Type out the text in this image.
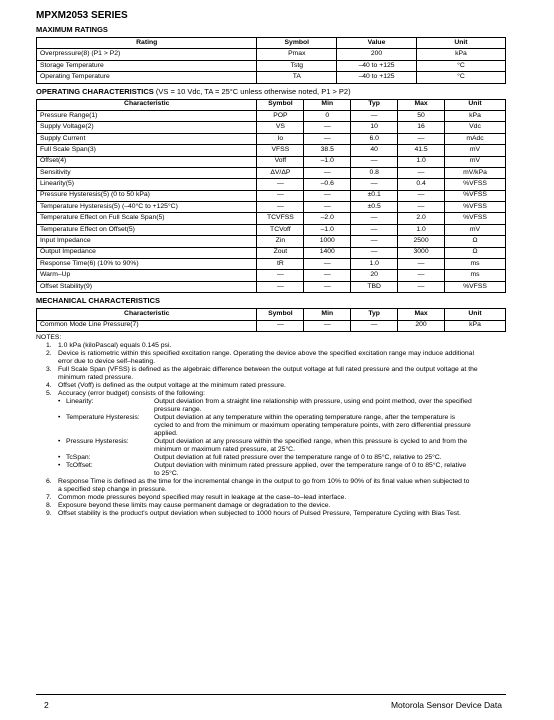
MPXM2053 SERIES
MAXIMUM RATINGS
Rating	Symbol	Value	Unit
Overpressure(8) (P1 > P2)	Pmax	200	kPa
Storage Temperature	Tstg	–40 to +125	°C
Operating Temperature	TA	–40 to +125	°C
OPERATING CHARACTERISTICS (VS = 10 Vdc, TA = 25°C unless otherwise noted, P1 > P2)
Characteristic	Symbol	Min	Typ	Max	Unit
Pressure Range(1)	POP	0	—	50	kPa
Supply Voltage(2)	VS	—	10	16	Vdc
Supply Current	Io	—	6.0	—	mAdc
Full Scale Span(3)	VFSS	38.5	40	41.5	mV
Offset(4)	Voff	–1.0	—	1.0	mV
Sensitivity	ΔV/ΔP	—	0.8	—	mV/kPa
Linearity(5)	—	–0.6	—	0.4	%VFSS
Pressure Hysteresis(5) (0 to 50 kPa)	—	—	±0.1	—	%VFSS
Temperature Hysteresis(5) (–40°C to +125°C)	—	—	±0.5	—	%VFSS
Temperature Effect on Full Scale Span(5)	TCVFSS	–2.0	—	2.0	%VFSS
Temperature Effect on Offset(5)	TCVoff	–1.0	—	1.0	mV
Input Impedance	Zin	1000	—	2500	Ω
Output Impedance	Zout	1400	—	3000	Ω
Response Time(6) (10% to 90%)	tR	—	1.0	—	ms
Warm–Up	—	—	20	—	ms
Offset Stability(9)	—	—	TBD	—	%VFSS
MECHANICAL CHARACTERISTICS
Characteristic	Symbol	Min	Typ	Max	Unit
Common Mode Line Pressure(7)	—	—	—	200	kPa
NOTES:
1. 1.0 kPa (kiloPascal) equals 0.145 psi.
2. Device is ratiometric within this specified excitation range. Operating the device above the specified excitation range may induce additional
error due to device self–heating.
3. Full Scale Span (VFSS) is defined as the algebraic difference between the output voltage at full rated pressure and the output voltage at the
minimum rated pressure.
4. Offset (Voff) is defined as the output voltage at the minimum rated pressure.
5. Accuracy (error budget) consists of the following:
• Linearity:	Output deviation from a straight line relationship with pressure, using end point method, over the specified
pressure range.
• Temperature Hysteresis: Output deviation at any temperature within the operating temperature range, after the temperature is
cycled to and from the minimum or maximum operating temperature points, with zero differential pressure
applied.
• Pressure Hysteresis:	Output deviation at any pressure within the specified range, when this pressure is cycled to and from the
minimum or maximum rated pressure, at 25°C.
• TcSpan:	Output deviation at full rated pressure over the temperature range of 0 to 85°C, relative to 25°C.
• TcOffset:	Output deviation with minimum rated pressure applied, over the temperature range of 0 to 85°C, relative
to 25°C.
6. Response Time is defined as the time for the incremental change in the output to go from 10% to 90% of its final value when subjected to
a specified step change in pressure.
7. Common mode pressures beyond specified may result in leakage at the case–to–lead interface.
8. Exposure beyond these limits may cause permanent damage or degradation to the device.
9. Offset stability is the product's output deviation when subjected to 1000 hours of Pulsed Pressure, Temperature Cycling with Bias Test.
2	Motorola Sensor Device Data
